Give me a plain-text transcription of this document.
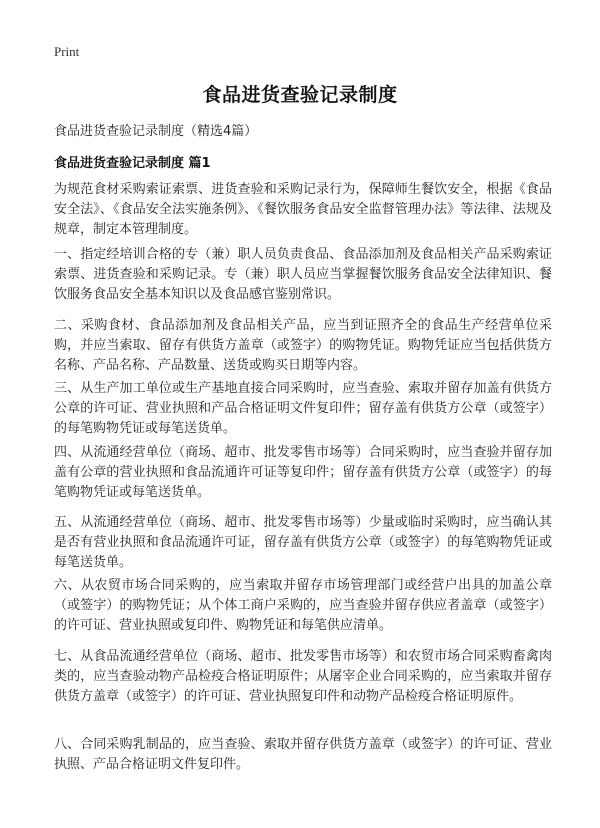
Print
食品进货查验记录制度
食品进货查验记录制度（精选4篇）
食品进货查验记录制度 篇1

为规范食材采购索证索票、进货查验和采购记录行为，保障师生餐饮安全，根据《食品安全法》、《食品安全法实施条例》、《餐饮服务食品安全监督管理办法》等法律、法规及规章，制定本管理制度。

一、指定经培训合格的专（兼）职人员负责食品、食品添加剂及食品相关产品采购索证索票、进货查验和采购记录。专（兼）职人员应当掌握餐饮服务食品安全法律知识、餐饮服务食品安全基本知识以及食品感官鉴别常识。

二、采购食材、食品添加剂及食品相关产品，应当到证照齐全的食品生产经营单位采购，并应当索取、留存有供货方盖章（或签字）的购物凭证。购物凭证应当包括供货方名称、产品名称、产品数量、送货或购买日期等内容。

三、从生产加工单位或生产基地直接合同采购时，应当查验、索取并留存加盖有供货方公章的许可证、营业执照和产品合格证明文件复印件；留存盖有供货方公章（或签字）的每笔购物凭证或每笔送货单。

四、从流通经营单位（商场、超市、批发零售市场等）合同采购时，应当查验并留存加盖有公章的营业执照和食品流通许可证等复印件；留存盖有供货方公章（或签字）的每笔购物凭证或每笔送货单。

五、从流通经营单位（商场、超市、批发零售市场等）少量或临时采购时，应当确认其是否有营业执照和食品流通许可证，留存盖有供货方公章（或签字）的每笔购物凭证或每笔送货单。

六、从农贸市场合同采购的，应当索取并留存市场管理部门或经营户出具的加盖公章（或签字）的购物凭证；从个体工商户采购的，应当查验并留存供应者盖章（或签字）的许可证、营业执照或复印件、购物凭证和每笔供应清单。

七、从食品流通经营单位（商场、超市、批发零售市场等）和农贸市场合同采购畜禽肉类的，应当查验动物产品检疫合格证明原件；从屠宰企业合同采购的，应当索取并留存供货方盖章（或签字）的许可证、营业执照复印件和动物产品检疫合格证明原件。

八、合同采购乳制品的，应当查验、索取并留存供货方盖章（或签字）的许可证、营业执照、产品合格证明文件复印件。
